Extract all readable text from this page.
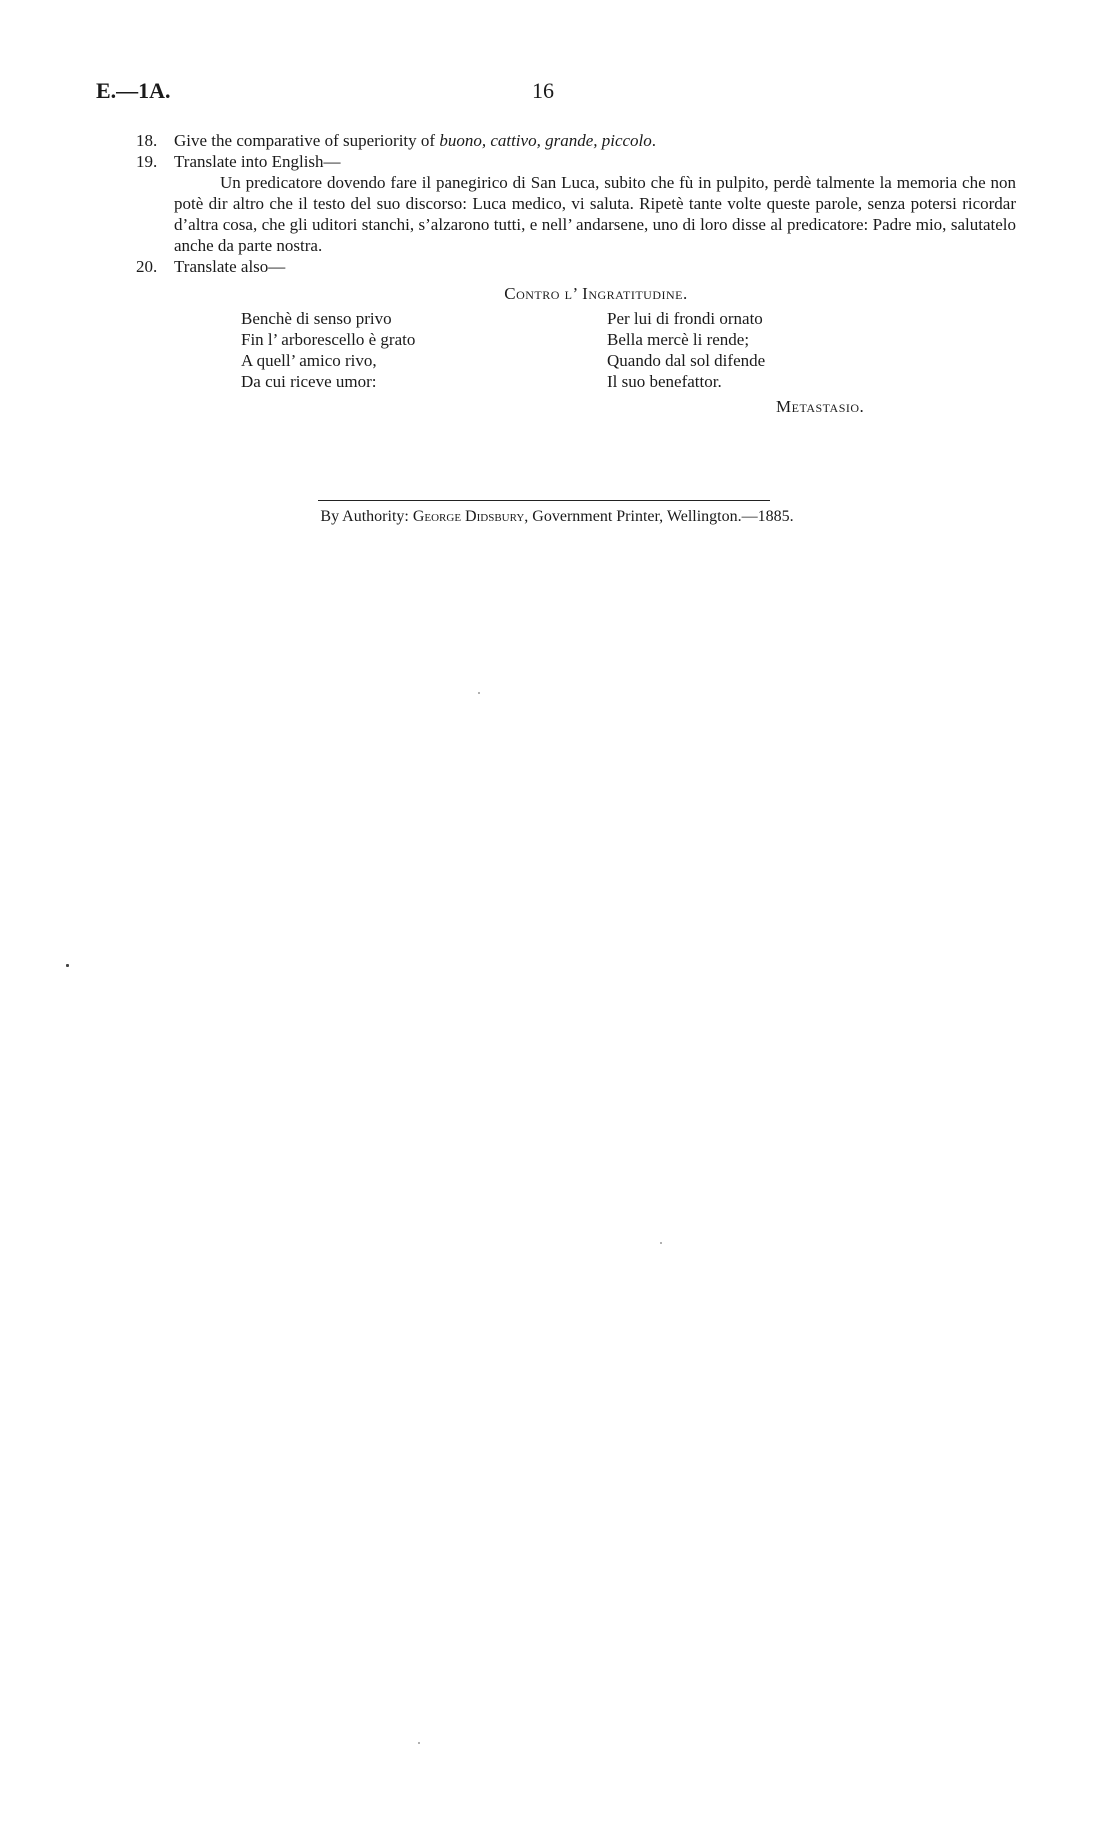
E.—1A.	16
18. Give the comparative of superiority of buono, cattivo, grande, piccolo.
19. Translate into English—

Un predicatore dovendo fare il panegirico di San Luca, subito che fù in pulpito, perdè talmente la memoria che non potè dir altro che il testo del suo discorso: Luca medico, vi saluta. Ripetè tante volte queste parole, senza potersi ricordar d’altra cosa, che gli uditori stanchi, s’alzarono tutti, e nell’ andarsene, uno di loro disse al predicatore: Padre mio, salutatelo anche da parte nostra.

20. Translate also—
Contro l’ Ingratitudine.
Benchè di senso privo
Fin l’ arborescello è grato
A quell’ amico rivo,
Da cui riceve umor:
Per lui di frondi ornato
Bella mercè li rende;
Quando dal sol difende
Il suo benefattor.
Metastasio.
By Authority: George Didsbury, Government Printer, Wellington.—1885.
